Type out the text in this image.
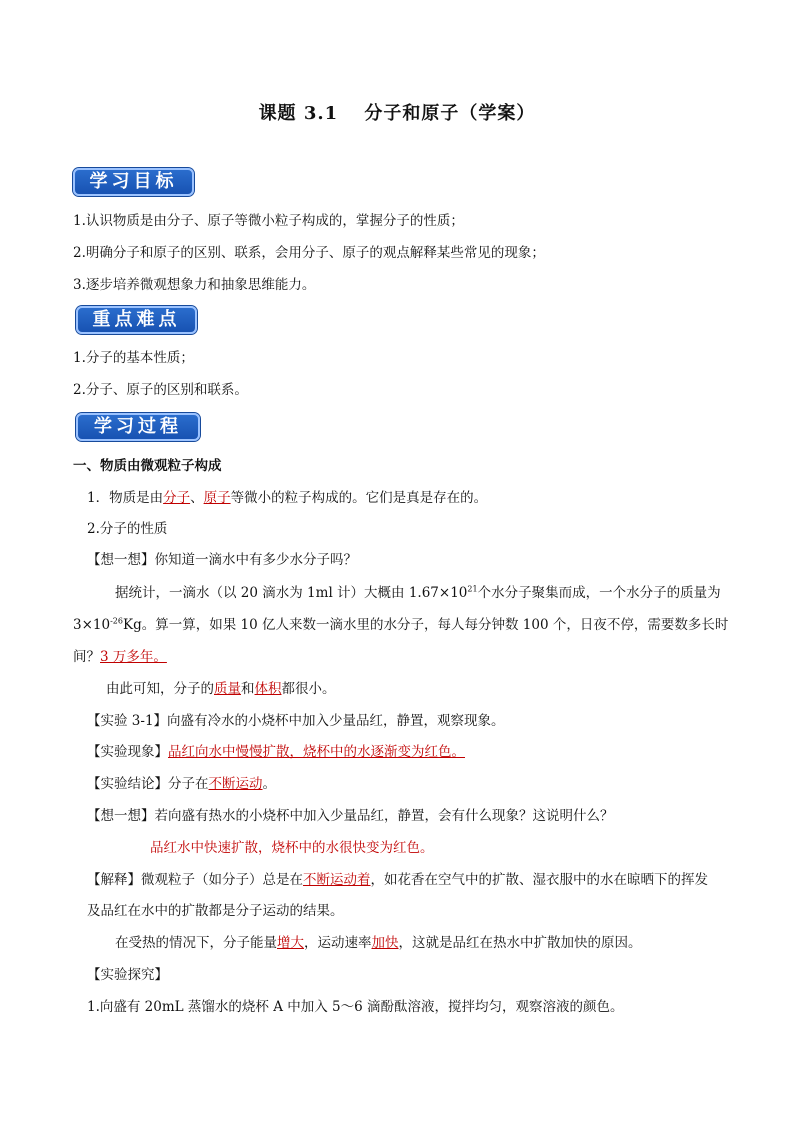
课题 3.1　 分子和原子（学案）
学习目标
1.认识物质是由分子、原子等微小粒子构成的，掌握分子的性质；
2.明确分子和原子的区别、联系，会用分子、原子的观点解释某些常见的现象；
3.逐步培养微观想象力和抽象思维能力。
重点难点
1.分子的基本性质；
2.分子、原子的区别和联系。
学习过程
一、物质由微观粒子构成
1．物质是由分子、原子等微小的粒子构成的。它们是真是存在的。
2.分子的性质
【想一想】你知道一滴水中有多少水分子吗？
据统计，一滴水（以 20 滴水为 1ml 计）大概由 $1.67\times 10^{21}$个水分子聚集而成，一个水分子的质量为
$3\times 10^{-26}Kg$。算一算，如果 10 亿人来数一滴水里的水分子，每人每分钟数 100 个，日夜不停，需要数多长时
间？3 万多年。
由此可知，分子的质量和体积都很小。
【实验 3-1】向盛有冷水的小烧杯中加入少量品红，静置，观察现象。
【实验现象】品红向水中慢慢扩散，烧杯中的水逐渐变为红色。
【实验结论】分子在不断运动。
【想一想】若向盛有热水的小烧杯中加入少量品红，静置，会有什么现象？这说明什么？
品红水中快速扩散，烧杯中的水很快变为红色。
【解释】微观粒子（如分子）总是在不断运动着，如花香在空气中的扩散、湿衣服中的水在晾晒下的挥发
及品红在水中的扩散都是分子运动的结果。
在受热的情况下，分子能量增大，运动速率加快，这就是品红在热水中扩散加快的原因。
【实验探究】
1.向盛有 20mL 蒸馏水的烧杯 A 中加入 5～6 滴酚酞溶液，搅拌均匀，观察溶液的颜色。
